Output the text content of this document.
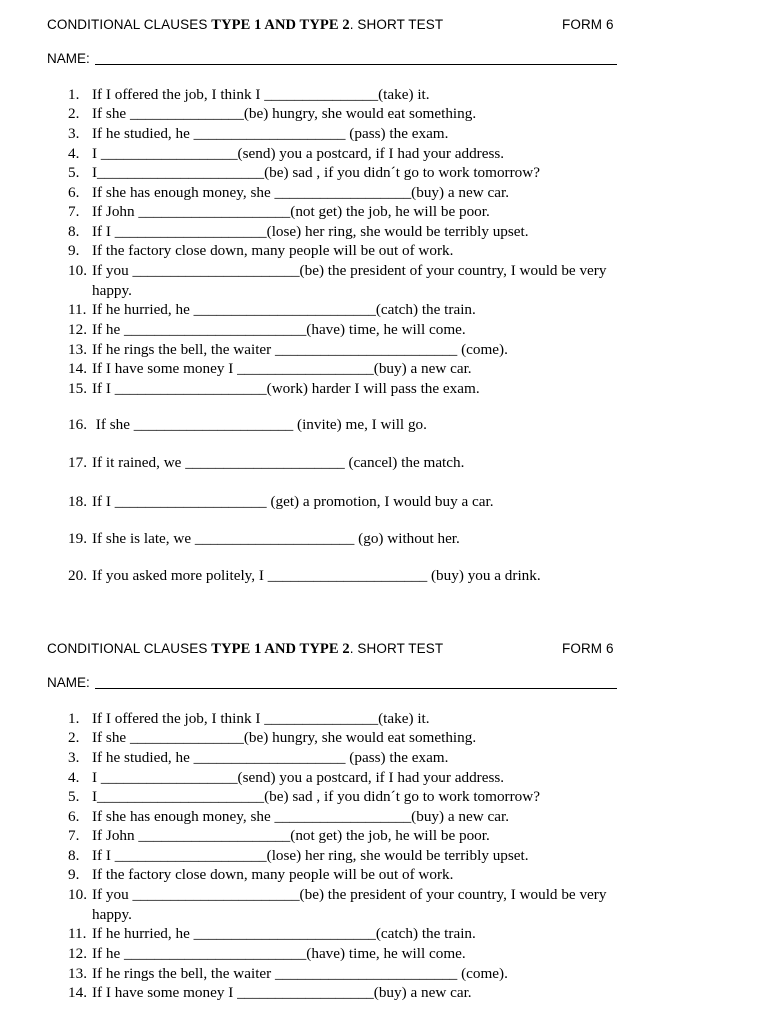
CONDITIONAL CLAUSES TYPE 1 AND TYPE 2. SHORT TEST	FORM 6
NAME:
1. If I offered the job, I think I _______________(take) it.
2. If she _______________(be) hungry, she would eat something.
3. If he studied, he ____________________ (pass) the exam.
4. I __________________(send) you a postcard, if I had your address.
5. I______________________(be) sad , if you didn´t go to work tomorrow?
6. If she has enough money, she __________________(buy) a new car.
7. If John ____________________(not get) the job, he will be poor.
8. If I ____________________(lose) her ring, she would be terribly upset.
9. If the factory close down, many people will be out of work.
10. If you ______________________(be) the president of your country, I would be very
happy.
11. If he hurried, he ________________________(catch) the train.
12. If he ________________________(have) time, he will come.
13. If he rings the bell, the waiter ________________________ (come).
14. If I have some money I __________________(buy) a new car.
15. If I ____________________(work) harder I will pass the exam.
16. If she _____________________ (invite) me, I will go.
17. If it rained, we _____________________ (cancel) the match.
18. If I ____________________ (get) a promotion, I would buy a car.
19. If she is late, we _____________________ (go) without her.
20. If you asked more politely, I _____________________ (buy) you a drink.
CONDITIONAL CLAUSES TYPE 1 AND TYPE 2. SHORT TEST	FORM 6
NAME:
1. If I offered the job, I think I _______________(take) it.
2. If she _______________(be) hungry, she would eat something.
3. If he studied, he ____________________ (pass) the exam.
4. I __________________(send) you a postcard, if I had your address.
5. I______________________(be) sad , if you didn´t go to work tomorrow?
6. If she has enough money, she __________________(buy) a new car.
7. If John ____________________(not get) the job, he will be poor.
8. If I ____________________(lose) her ring, she would be terribly upset.
9. If the factory close down, many people will be out of work.
10. If you ______________________(be) the president of your country, I would be very
happy.
11. If he hurried, he ________________________(catch) the train.
12. If he ________________________(have) time, he will come.
13. If he rings the bell, the waiter ________________________ (come).
14. If I have some money I __________________(buy) a new car.
